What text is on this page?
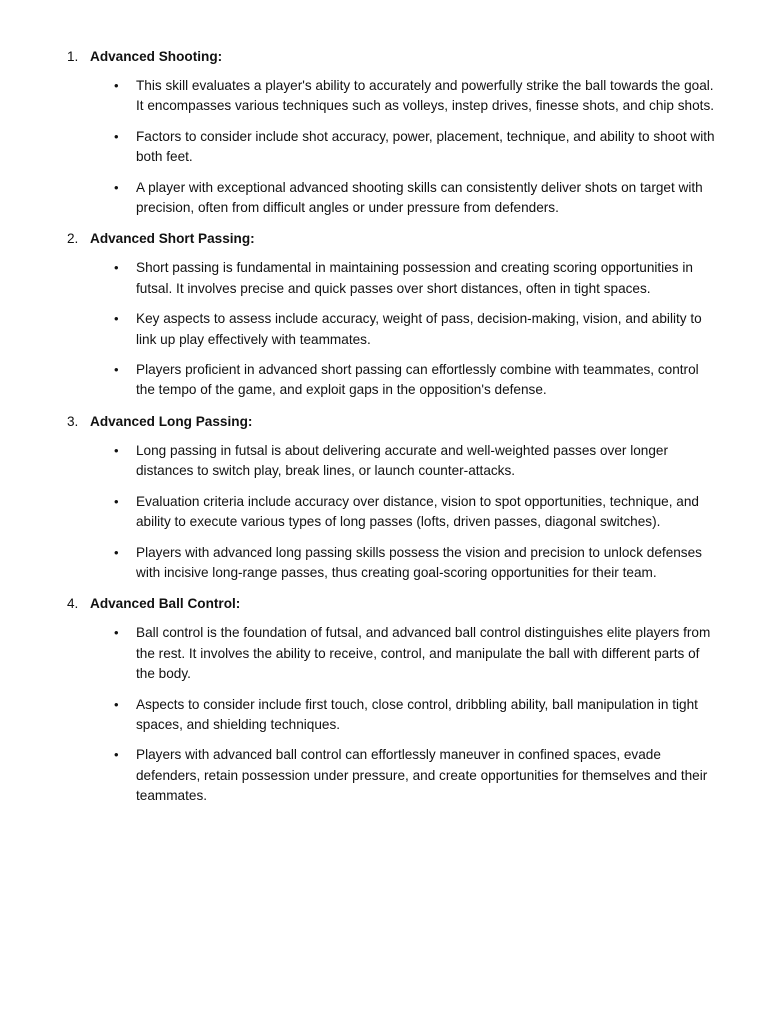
1. Advanced Shooting:
• This skill evaluates a player's ability to accurately and powerfully strike the ball towards the goal. It encompasses various techniques such as volleys, instep drives, finesse shots, and chip shots.
• Factors to consider include shot accuracy, power, placement, technique, and ability to shoot with both feet.
• A player with exceptional advanced shooting skills can consistently deliver shots on target with precision, often from difficult angles or under pressure from defenders.
2. Advanced Short Passing:
• Short passing is fundamental in maintaining possession and creating scoring opportunities in futsal. It involves precise and quick passes over short distances, often in tight spaces.
• Key aspects to assess include accuracy, weight of pass, decision-making, vision, and ability to link up play effectively with teammates.
• Players proficient in advanced short passing can effortlessly combine with teammates, control the tempo of the game, and exploit gaps in the opposition's defense.
3. Advanced Long Passing:
• Long passing in futsal is about delivering accurate and well-weighted passes over longer distances to switch play, break lines, or launch counter-attacks.
• Evaluation criteria include accuracy over distance, vision to spot opportunities, technique, and ability to execute various types of long passes (lofts, driven passes, diagonal switches).
• Players with advanced long passing skills possess the vision and precision to unlock defenses with incisive long-range passes, thus creating goal-scoring opportunities for their team.
4. Advanced Ball Control:
• Ball control is the foundation of futsal, and advanced ball control distinguishes elite players from the rest. It involves the ability to receive, control, and manipulate the ball with different parts of the body.
• Aspects to consider include first touch, close control, dribbling ability, ball manipulation in tight spaces, and shielding techniques.
• Players with advanced ball control can effortlessly maneuver in confined spaces, evade defenders, retain possession under pressure, and create opportunities for themselves and their teammates.
